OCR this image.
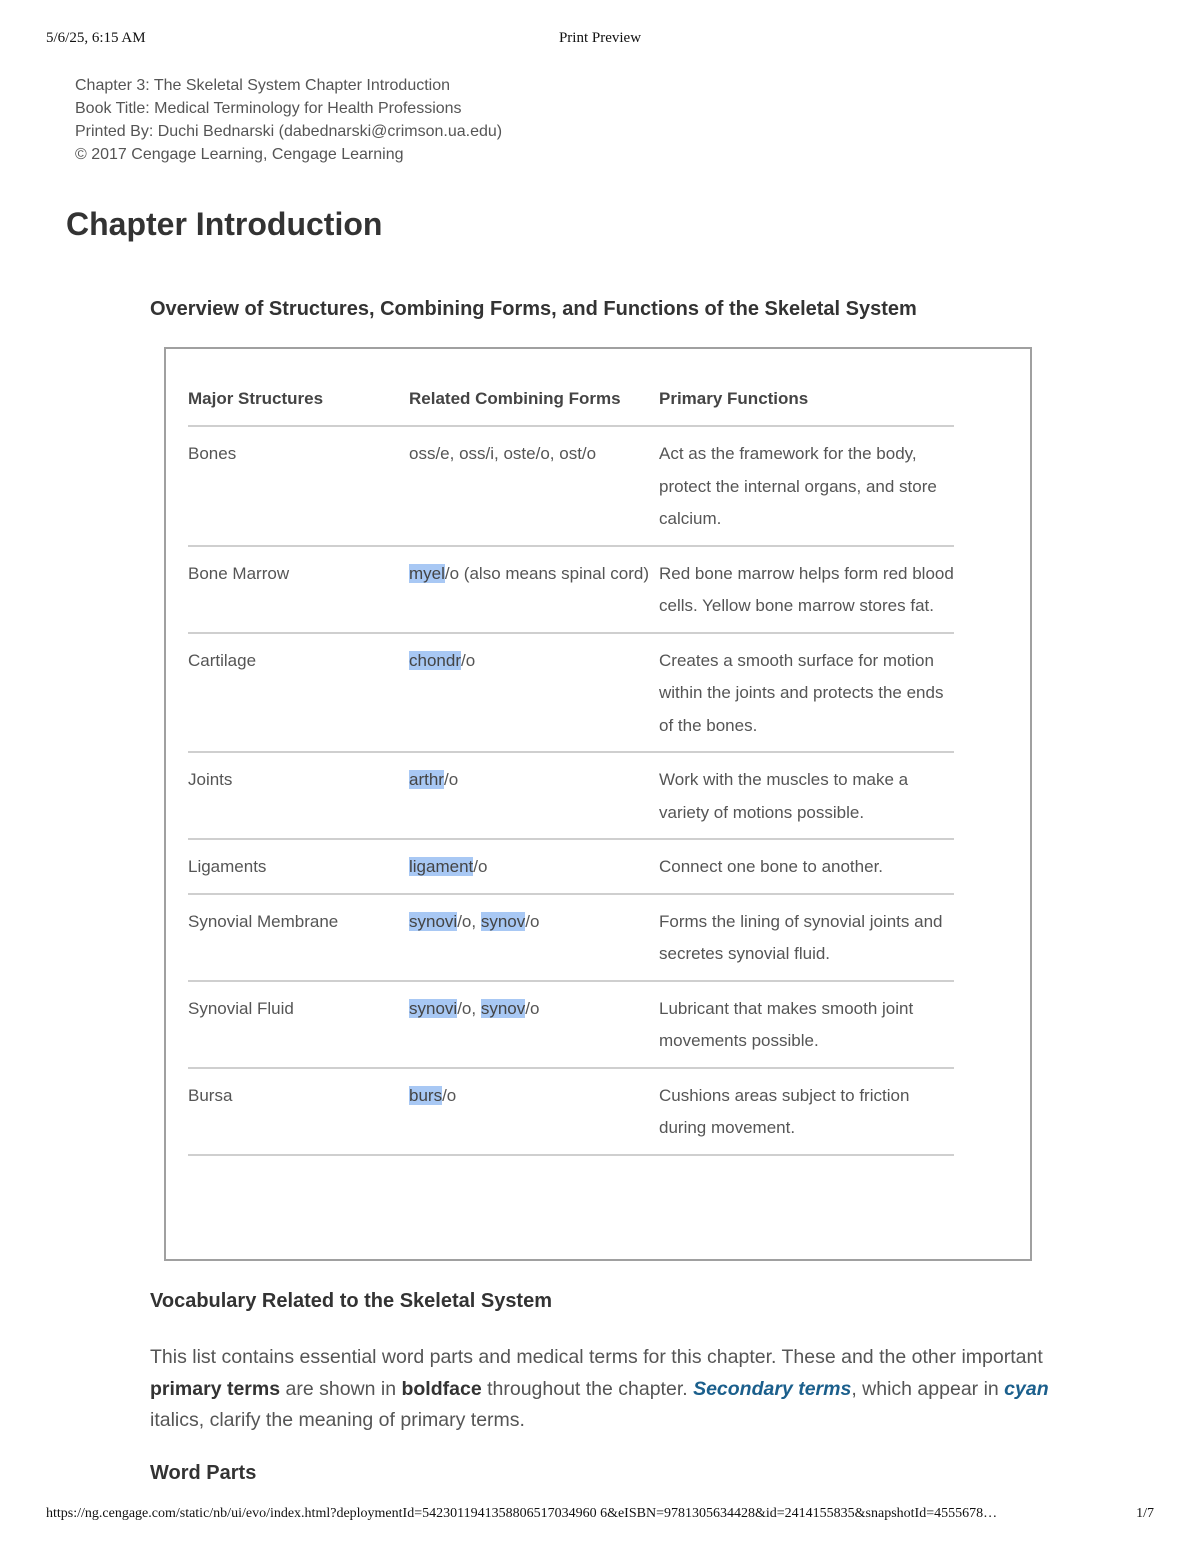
5/6/25, 6:15 AM	Print Preview
Chapter 3: The Skeletal System Chapter Introduction
Book Title: Medical Terminology for Health Professions
Printed By: Duchi Bednarski (dabednarski@crimson.ua.edu)
© 2017 Cengage Learning, Cengage Learning
Chapter Introduction
Overview of Structures, Combining Forms, and Functions of the Skeletal System
Major Structures	Related Combining Forms	Primary Functions
Bones	oss/e, oss/i, oste/o, ost/o	Act as the framework for the body, protect the internal organs, and store calcium.
Bone Marrow	myel/o (also means spinal cord)	Red bone marrow helps form red blood cells. Yellow bone marrow stores fat.
Cartilage	chondr/o	Creates a smooth surface for motion within the joints and protects the ends of the bones.
Joints	arthr/o	Work with the muscles to make a variety of motions possible.
Ligaments	ligament/o	Connect one bone to another.
Synovial Membrane	synovi/o, synov/o	Forms the lining of synovial joints and secretes synovial fluid.
Synovial Fluid	synovi/o, synov/o	Lubricant that makes smooth joint movements possible.
Bursa	burs/o	Cushions areas subject to friction during movement.
Vocabulary Related to the Skeletal System

This list contains essential word parts and medical terms for this chapter. These and the other important primary terms are shown in boldface throughout the chapter. Secondary terms, which appear in cyan italics, clarify the meaning of primary terms.

Word Parts
https://ng.cengage.com/static/nb/ui/evo/index.html?deploymentId=5423011941358806517034960 6&eISBN=9781305634428&id=2414155835&snapshotId=4555678…	1/7
